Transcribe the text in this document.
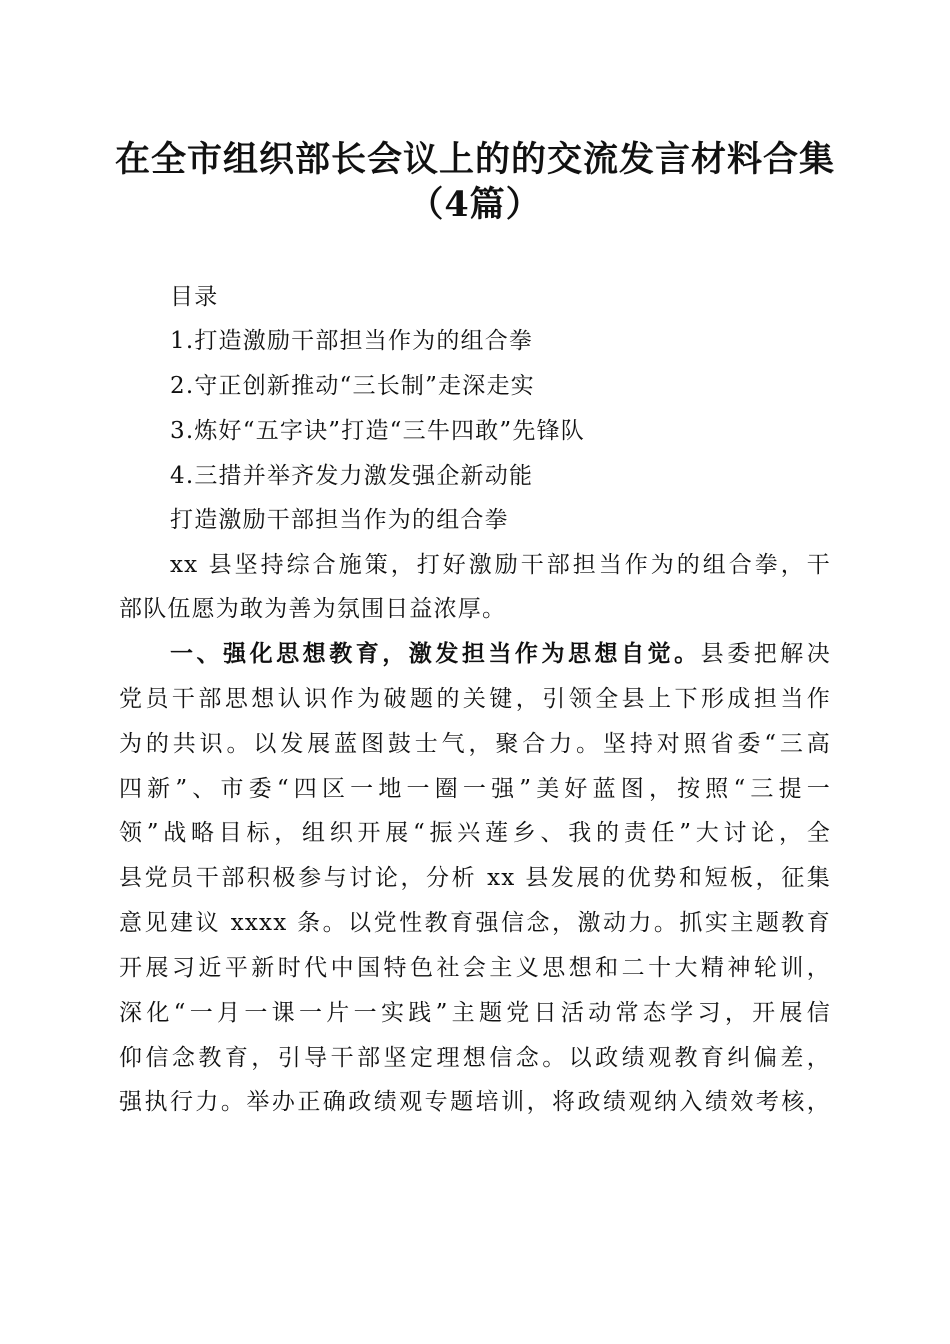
在全市组织部长会议上的的交流发言材料合集
（4篇）
目录
1.打造激励干部担当作为的组合拳
2.守正创新推动“三长制”走深走实
3.炼好“五字诀”打造“三牛四敢”先锋队
4.三措并举齐发力激发强企新动能
打造激励干部担当作为的组合拳
xx 县坚持综合施策，打好激励干部担当作为的组合拳，干
部队伍愿为敢为善为氛围日益浓厚。
一、强化思想教育，激发担当作为思想自觉。县委把解决
党员干部思想认识作为破题的关键，引领全县上下形成担当作
为的共识。以发展蓝图鼓士气，聚合力。坚持对照省委“三高
四新”、市委“四区一地一圈一强”美好蓝图，按照“三提一
领”战略目标，组织开展“振兴莲乡、我的责任”大讨论，全
县党员干部积极参与讨论，分析 xx 县发展的优势和短板，征集
意见建议 xxxx 条。以党性教育强信念，激动力。抓实主题教育
开展习近平新时代中国特色社会主义思想和二十大精神轮训，
深化“一月一课一片一实践”主题党日活动常态学习，开展信
仰信念教育，引导干部坚定理想信念。以政绩观教育纠偏差，
强执行力。举办正确政绩观专题培训，将政绩观纳入绩效考核，
